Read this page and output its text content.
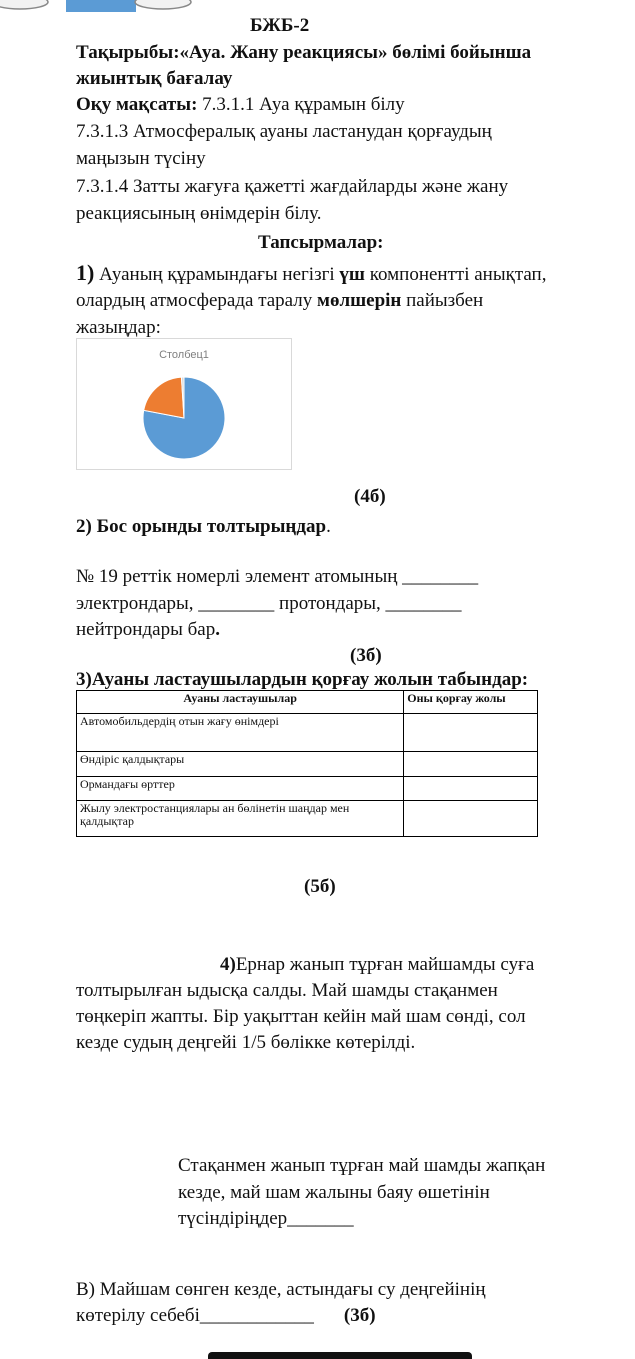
БЖБ-2
Тақырыбы:«Ауа. Жану реакциясы» бөлімі бойынша
жиынтық бағалау
Оқу мақсаты: 7.3.1.1 Ауа құрамын білу
7.3.1.3 Атмосфералық ауаны ластанудан қорғаудың
маңызын түсіну
7.3.1.4 Затты жағуға қажетті жағдайларды және жану
реакциясының өнімдерін білу.
Тапсырмалар:
1) Ауаның құрамындағы негізгі үш компонентті анықтап,
олардың атмосферада таралу мөлшерін пайызбен
жазыңдар:
Столбец1
(4б)
2) Бос орынды толтырыңдар.
№ 19 реттік номерлі элемент атомының ________
электрондары, ________ протондары, ________
нейтрондары бар.
(3б)
3)Ауаны ластаушылардын қорғау жолын табындар:
Ауаны ластаушылар	Оны қорғау жолы
Автомобильдердің отын жағу өнімдері	
Өндіріс қалдықтары	
Ормандағы өрттер	
Жылу электростанциялары ан бөлінетін шаңдар мен қалдықтар	
(5б)
4)Ернар жанып тұрған майшамды суға
толтырылған ыдысқа салды. Май шамды стақанмен
төңкеріп жапты. Бір уақыттан кейін май шам сөнді, сол
кезде судың деңгейі 1/5 бөлікке көтерілді.
Стақанмен жанып тұрған май шамды жапқан
кезде, май шам жалыны баяу өшетінін
түсіндіріңдер_______
В) Майшам сөнген кезде, астындағы су деңгейінің
көтерілу себебі____________ (3б)
